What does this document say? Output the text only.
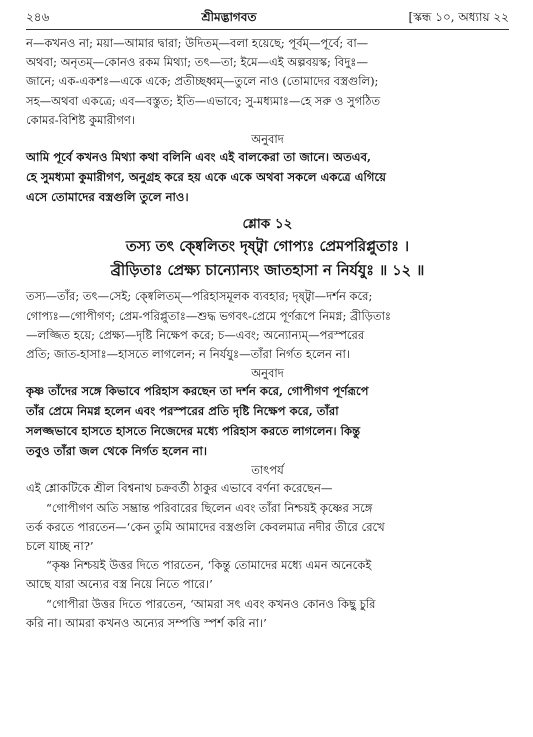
২৪৬	শ্রীমদ্ভাগবত	[স্কন্ধ ১০, অধ্যায় ২২

ন—কখনও না; ময়া—আমার দ্বারা; উদিতম্—বলা হয়েছে; পূর্বম্—পূর্বে; বা—

অথবা; অনৃতম্—কোনও রকম মিথ্যা; তৎ—তা; ইমে—এই অল্পবয়স্ক; বিদুঃ—

জানে; এক-একশঃ—একে একে; প্রতীচ্ছধ্বম্—তুলে নাও (তোমাদের বস্ত্রগুলি);

সহ—অথবা একত্রে; এব—বস্তুত; ইতি—এভাবে; সু-মধ্যমাঃ—হে সরু ও সুগঠিত

কোমর-বিশিষ্ট কুমারীগণ।

অনুবাদ

আমি পূর্বে কখনও মিথ্যা কথা বলিনি এবং এই বালকেরা তা জানে। অতএব,

হে সুমধ্যমা কুমারীগণ, অনুগ্রহ করে হয় একে একে অথবা সকলে একত্রে এগিয়ে

এসে তোমাদের বস্ত্রগুলি তুলে নাও।

শ্লোক ১২

তস্য তৎ ক্ষ্বেলিতং দৃষ্ট্বা গোপ্যঃ প্রেমপরিপ্লুতাঃ ।

ব্রীড়িতাঃ প্রেক্ষ্য চান্যোন্যং জাতহাসা ন নির্যযুঃ ॥ ১২ ॥

তস্য—তাঁর; তৎ—সেই; ক্ষ্বেলিতম্—পরিহাসমূলক ব্যবহার; দৃষ্ট্বা—দর্শন করে;

গোপ্যঃ—গোপীগণ; প্রেম-পরিপ্লুতাঃ—শুদ্ধ ভগবৎ-প্রেমে পূর্ণরূপে নিমগ্ন; ব্রীড়িতাঃ

—লজ্জিত হয়ে; প্রেক্ষ্য—দৃষ্টি নিক্ষেপ করে; চ—এবং; অন্যোন্যম্—পরস্পরের

প্রতি; জাত-হাসাঃ—হাসতে লাগলেন; ন নির্যযুঃ—তাঁরা নির্গত হলেন না।

অনুবাদ

কৃষ্ণ তাঁদের সঙ্গে কিভাবে পরিহাস করছেন তা দর্শন করে, গোপীগণ পূর্ণরূপে

তাঁর প্রেমে নিমগ্ন হলেন এবং পরস্পরের প্রতি দৃষ্টি নিক্ষেপ করে, তাঁরা

সলজ্জভাবে হাসতে হাসতে নিজেদের মধ্যে পরিহাস করতে লাগলেন। কিন্তু

তবুও তাঁরা জল থেকে নির্গত হলেন না।

তাৎপর্য

এই শ্লোকটিকে শ্রীল বিশ্বনাথ চক্রবর্তী ঠাকুর এভাবে বর্ণনা করেছেন—

“গোপীগণ অতি সম্ভ্রান্ত পরিবারের ছিলেন এবং তাঁরা নিশ্চয়ই কৃষ্ণের সঙ্গে

তর্ক করতে পারতেন—‘কেন তুমি আমাদের বস্ত্রগুলি কেবলমাত্র নদীর তীরে রেখে

চলে যাচ্ছ না?’

“কৃষ্ণ নিশ্চয়ই উত্তর দিতে পারতেন, ‘কিন্তু তোমাদের মধ্যে এমন অনেকেই

আছে যারা অন্যের বস্ত্র নিয়ে নিতে পারে।’

“গোপীরা উত্তর দিতে পারতেন, ‘আমরা সৎ এবং কখনও কোনও কিছু চুরি

করি না। আমরা কখনও অন্যের সম্পত্তি স্পর্শ করি না।’
